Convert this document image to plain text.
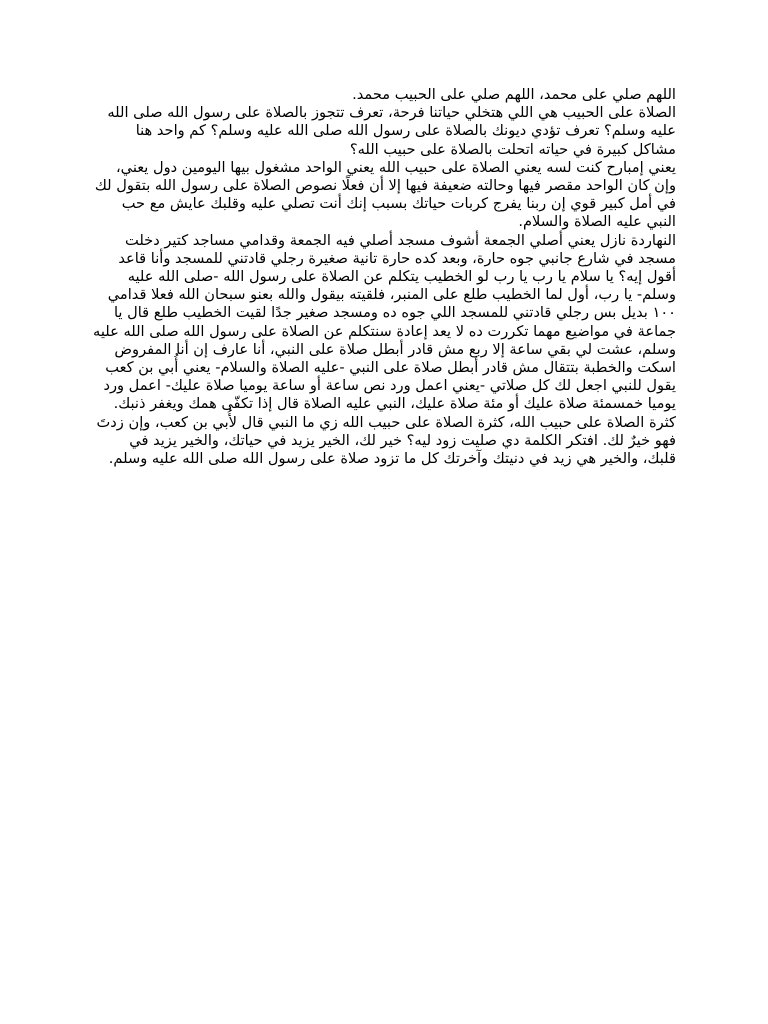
اللهم صلي على محمد، اللهم صلي على الحبيب محمد.

الصلاة على الحبيب هي اللي هتخلي حياتنا فرحة، تعرف تتجوز بالصلاة على رسول الله صلى الله عليه وسلم؟ تعرف تؤدي ديونك بالصلاة على رسول الله صلى الله عليه وسلم؟ كم واحد هنا مشاكل كبيرة في حياته اتحلت بالصلاة على حبيب الله؟

يعني إمبارح كنت لسه يعني الصلاة على حبيب الله يعني الواحد مشغول بيها اليومين دول يعني، وإن كان الواحد مقصر فيها وحالته ضعيفة فيها إلا أن فعلًا نصوص الصلاة على رسول الله بتقول لك في أمل كبير قوي إن ربنا يفرج كربات حياتك بسبب إنك أنت تصلي عليه وقلبك عايش مع حب النبي عليه الصلاة والسلام.

النهاردة نازل يعني أصلي الجمعة أشوف مسجد أصلي فيه الجمعة وقدامي مساجد كتير دخلت مسجد في شارع جانبي جوه حارة، وبعد كده حارة تانية صغيرة رجلي قادتني للمسجد وأنا قاعد أقول إيه؟ يا سلام يا رب يا رب لو الخطيب يتكلم عن الصلاة على رسول الله -صلى الله عليه وسلم- يا رب، أول لما الخطيب طلع على المنبر، فلقيته بيقول والله بعنو سبحان الله فعلا قدامي ١٠٠ بديل بس رجلي قادتني للمسجد اللي جوه ده ومسجد صغير جدًا لقيت الخطيب طلع قال يا جماعة في مواضيع مهما تكررت ده لا يعد إعادة سنتكلم عن الصلاة على رسول الله صلى الله عليه وسلم، عشت لي بقي ساعة إلا ربع مش قادر أبطل صلاة على النبي، أنا عارف إن أنا المفروض اسكت والخطبة بتتقال مش قادر أبطل صلاة على النبي -عليه الصلاة والسلام- يعني أُبي بن كعب يقول للنبي اجعل لك كل صلاتي -يعني اعمل ورد نص ساعة أو ساعة يوميا صلاة عليك- اعمل ورد يوميا خمسمئة صلاة عليك أو مئة صلاة عليك، النبي عليه الصلاة قال إذا تكفّى همك ويغفر ذنبك.

كثرة الصلاة على حبيب الله، كثرة الصلاة على حبيب الله زي ما النبي قال لأُبي بن كعب، وإن زدتَ فهو خيرٌ لك. افتكر الكلمة دي صليت زود ليه؟ خير لك، الخير يزيد في حياتك، والخير يزيد في قلبك، والخير هي زيد في دنيتك وآخرتك كل ما تزود صلاة على رسول الله صلى الله عليه وسلم.
